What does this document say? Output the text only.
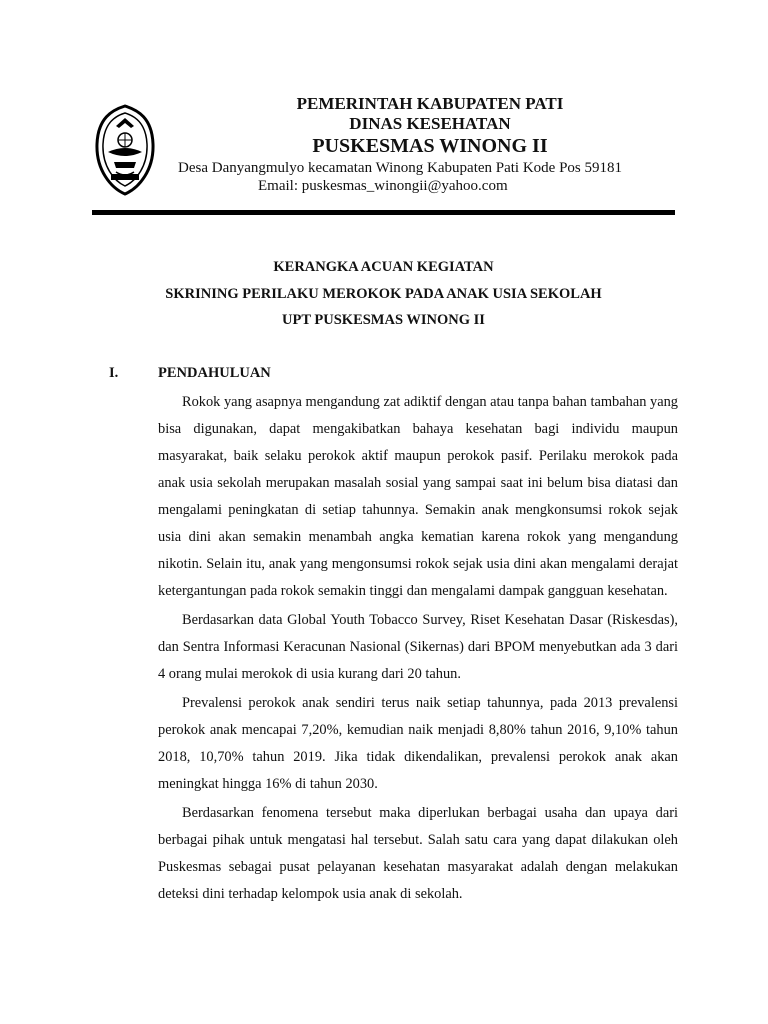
PEMERINTAH KABUPATEN PATI
DINAS KESEHATAN
PUSKESMAS WINONG II
Desa Danyangmulyo kecamatan Winong Kabupaten Pati Kode Pos 59181
Email: puskesmas_winongii@yahoo.com
KERANGKA ACUAN KEGIATAN
SKRINING PERILAKU MEROKOK PADA ANAK USIA SEKOLAH
UPT PUSKESMAS WINONG II
I.	PENDAHULUAN

Rokok yang asapnya mengandung zat adiktif dengan atau tanpa bahan tambahan yang bisa digunakan, dapat mengakibatkan bahaya kesehatan bagi individu maupun masyarakat, baik selaku perokok aktif maupun perokok pasif. Perilaku merokok pada anak usia sekolah merupakan masalah sosial yang sampai saat ini belum bisa diatasi dan mengalami peningkatan di setiap tahunnya. Semakin anak mengkonsumsi rokok sejak usia dini akan semakin menambah angka kematian karena rokok yang mengandung nikotin. Selain itu, anak yang mengonsumsi rokok sejak usia dini akan mengalami derajat ketergantungan pada rokok semakin tinggi dan mengalami dampak gangguan kesehatan.

Berdasarkan data Global Youth Tobacco Survey, Riset Kesehatan Dasar (Riskesdas), dan Sentra Informasi Keracunan Nasional (Sikernas) dari BPOM menyebutkan ada 3 dari 4 orang mulai merokok di usia kurang dari 20 tahun.

Prevalensi perokok anak sendiri terus naik setiap tahunnya, pada 2013 prevalensi perokok anak mencapai 7,20%, kemudian naik menjadi 8,80% tahun 2016, 9,10% tahun 2018, 10,70% tahun 2019. Jika tidak dikendalikan, prevalensi perokok anak akan meningkat hingga 16% di tahun 2030.

Berdasarkan fenomena tersebut maka diperlukan berbagai usaha dan upaya dari berbagai pihak untuk mengatasi hal tersebut. Salah satu cara yang dapat dilakukan oleh Puskesmas sebagai pusat pelayanan kesehatan masyarakat adalah dengan melakukan deteksi dini terhadap kelompok usia anak di sekolah.
